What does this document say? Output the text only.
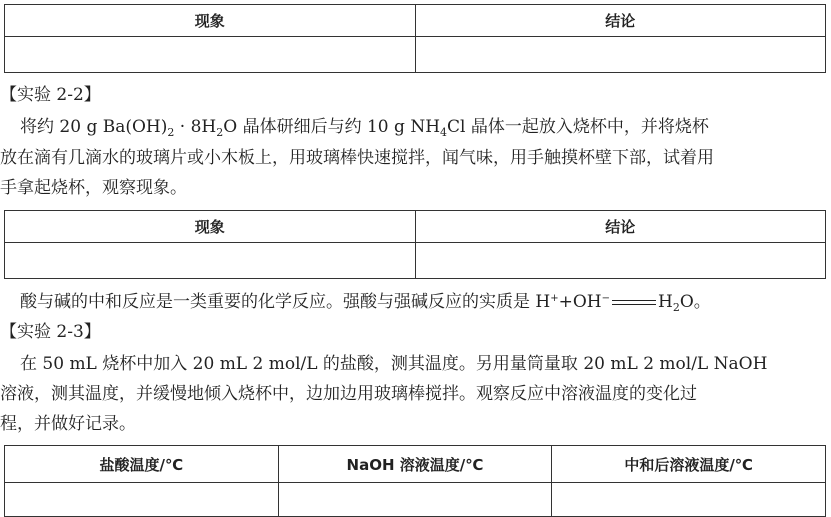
现象	结论

【实验 2-2】
将约 20 g $Ba(OH)_2 \cdot 8H_2O$ 晶体研细后与约 10 g $NH_4Cl$ 晶体一起放入烧杯中，并将烧杯
放在滴有几滴水的玻璃片或小木板上，用玻璃棒快速搅拌，闻气味，用手触摸杯壁下部，试着用
手拿起烧杯，观察现象。
现象	结论

酸与碱的中和反应是一类重要的化学反应。强酸与强碱反应的实质是 H++OH−	$H_2O$。
【实验 2-3】
在 50 mL 烧杯中加入 20 mL 2 mol/L 的盐酸，测其温度。另用量筒量取 20 mL 2 mol/L NaOH
溶液，测其温度，并缓慢地倾入烧杯中，边加边用玻璃棒搅拌。观察反应中溶液温度的变化过
程，并做好记录。
盐酸温度/℃	NaOH 溶液温度/℃	中和后溶液温度/℃
